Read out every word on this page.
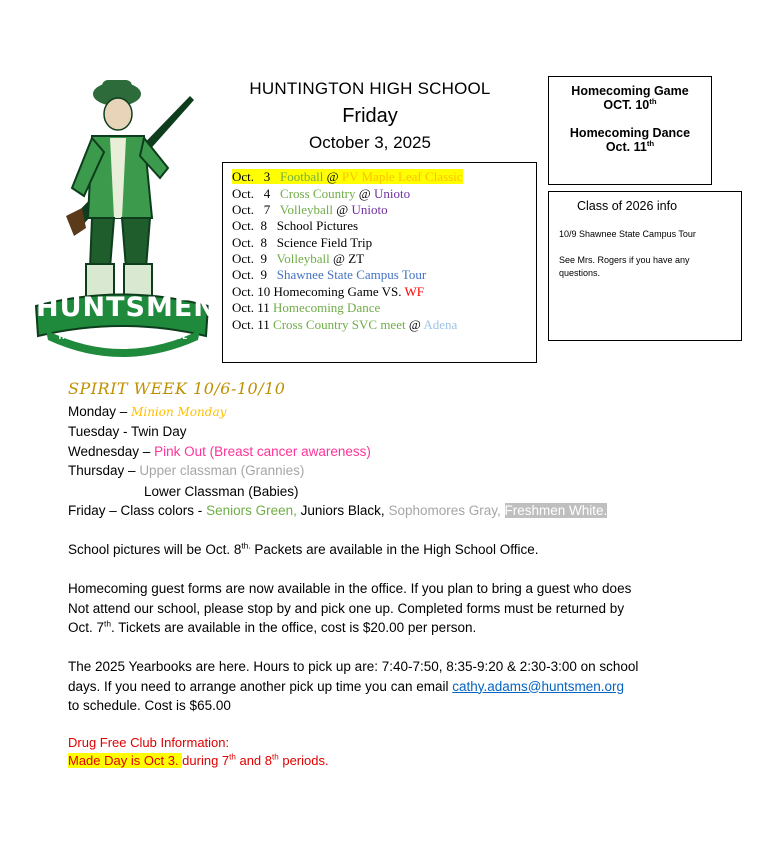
HUNTSMEN
HUNTINGTON HIGH SCHOOL
HUNTINGTON HIGH SCHOOL
Friday
October 3, 2025
Homecoming Game
OCT. 10th
Homecoming Dance
Oct. 11th
Class of 2026 info
10/9 Shawnee State Campus Tour
See Mrs. Rogers if you have any questions.
Oct.   3 Football @ PV Maple Leaf Classic
Oct.   4 Cross Country @ Unioto
Oct.   7 Volleyball @ Unioto
Oct.  8 School Pictures
Oct.  8 Science Field Trip
Oct.  9 Volleyball @ ZT
Oct.  9 Shawnee State Campus Tour
Oct. 10 Homecoming Game VS. WF
Oct. 11 Homecoming Dance
Oct. 11 Cross Country SVC meet @ Adena
SPIRIT WEEK 10/6-10/10
Monday – Minion Monday
Tuesday - Twin Day
Wednesday – Pink Out (Breast cancer awareness)
Thursday – Upper classman (Grannies)
Lower Classman (Babies)
Friday – Class colors - Seniors Green, Juniors Black, Sophomores Gray, Freshmen White.
School pictures will be Oct. $8^{th.}$ Packets are available in the High School Office.
Homecoming guest forms are now available in the office. If you plan to bring a guest who does
Not attend our school, please stop by and pick one up. Completed forms must be returned by
Oct. 7th. Tickets are available in the office, cost is $20.00 per person.
The 2025 Yearbooks are here. Hours to pick up are: 7:40-7:50, 8:35-9:20 & 2:30-3:00 on school
days. If you need to arrange another pick up time you can email cathy.adams@huntsmen.org
to schedule. Cost is $65.00
Drug Free Club Information:
Made Day is Oct 3. during 7th and 8th periods.
